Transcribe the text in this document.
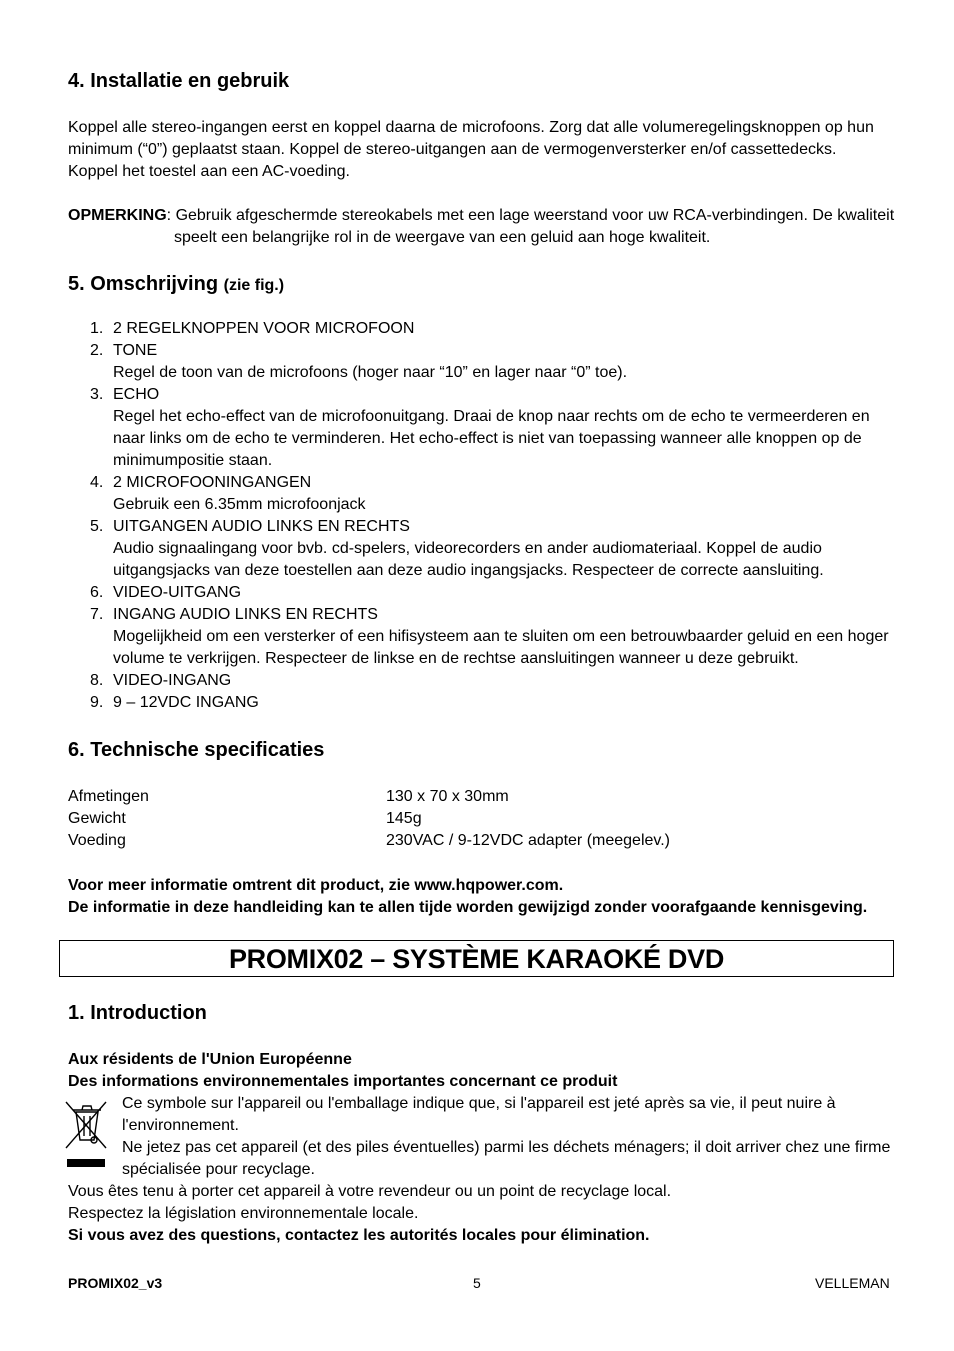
4. Installatie en gebruik
Koppel alle stereo-ingangen eerst en koppel daarna de microfoons. Zorg dat alle volumeregelingsknoppen op hun
minimum (“0”) geplaatst staan. Koppel de stereo-uitgangen aan de vermogenversterker en/of cassettedecks.
Koppel het toestel aan een AC-voeding.
OPMERKING: Gebruik afgeschermde stereokabels met een lage weerstand voor uw RCA-verbindingen. De kwaliteit
speelt een belangrijke rol in de weergave van een geluid aan hoge kwaliteit.
5. Omschrijving (zie fig.)
1. 2 REGELKNOPPEN VOOR MICROFOON
2. TONE
Regel de toon van de microfoons (hoger naar “10” en lager naar “0” toe).
3. ECHO
Regel het echo-effect van de microfoonuitgang. Draai de knop naar rechts om de echo te vermeerderen en
naar links om de echo te verminderen. Het echo-effect is niet van toepassing wanneer alle knoppen op de
minimumpositie staan.
4. 2 MICROFOONINGANGEN
Gebruik een 6.35mm microfoonjack
5. UITGANGEN AUDIO LINKS EN RECHTS
Audio signaalingang voor bvb. cd-spelers, videorecorders en ander audiomateriaal. Koppel de audio
uitgangsjacks van deze toestellen aan deze audio ingangsjacks. Respecteer de correcte aansluiting.
6. VIDEO-UITGANG
7. INGANG AUDIO LINKS EN RECHTS
Mogelijkheid om een versterker of een hifisysteem aan te sluiten om een betrouwbaarder geluid en een hoger
volume te verkrijgen. Respecteer de linkse en de rechtse aansluitingen wanneer u deze gebruikt.
8. VIDEO-INGANG
9. 9 – 12VDC INGANG
6. Technische specificaties
Afmetingen	130 x 70 x 30mm
Gewicht	145g
Voeding	230VAC / 9-12VDC adapter (meegelev.)
Voor meer informatie omtrent dit product, zie www.hqpower.com.
De informatie in deze handleiding kan te allen tijde worden gewijzigd zonder voorafgaande kennisgeving.
PROMIX02 – SYSTÈME KARAOKÉ DVD
1. Introduction
Aux résidents de l'Union Européenne
Des informations environnementales importantes concernant ce produit
Ce symbole sur l'appareil ou l'emballage indique que, si l'appareil est jeté après sa vie, il peut nuire à
l'environnement.
Ne jetez pas cet appareil (et des piles éventuelles) parmi les déchets ménagers; il doit arriver chez une firme
spécialisée pour recyclage.
Vous êtes tenu à porter cet appareil à votre revendeur ou un point de recyclage local.
Respectez la législation environnementale locale.
Si vous avez des questions, contactez les autorités locales pour élimination.
PROMIX02_v3	5	VELLEMAN
